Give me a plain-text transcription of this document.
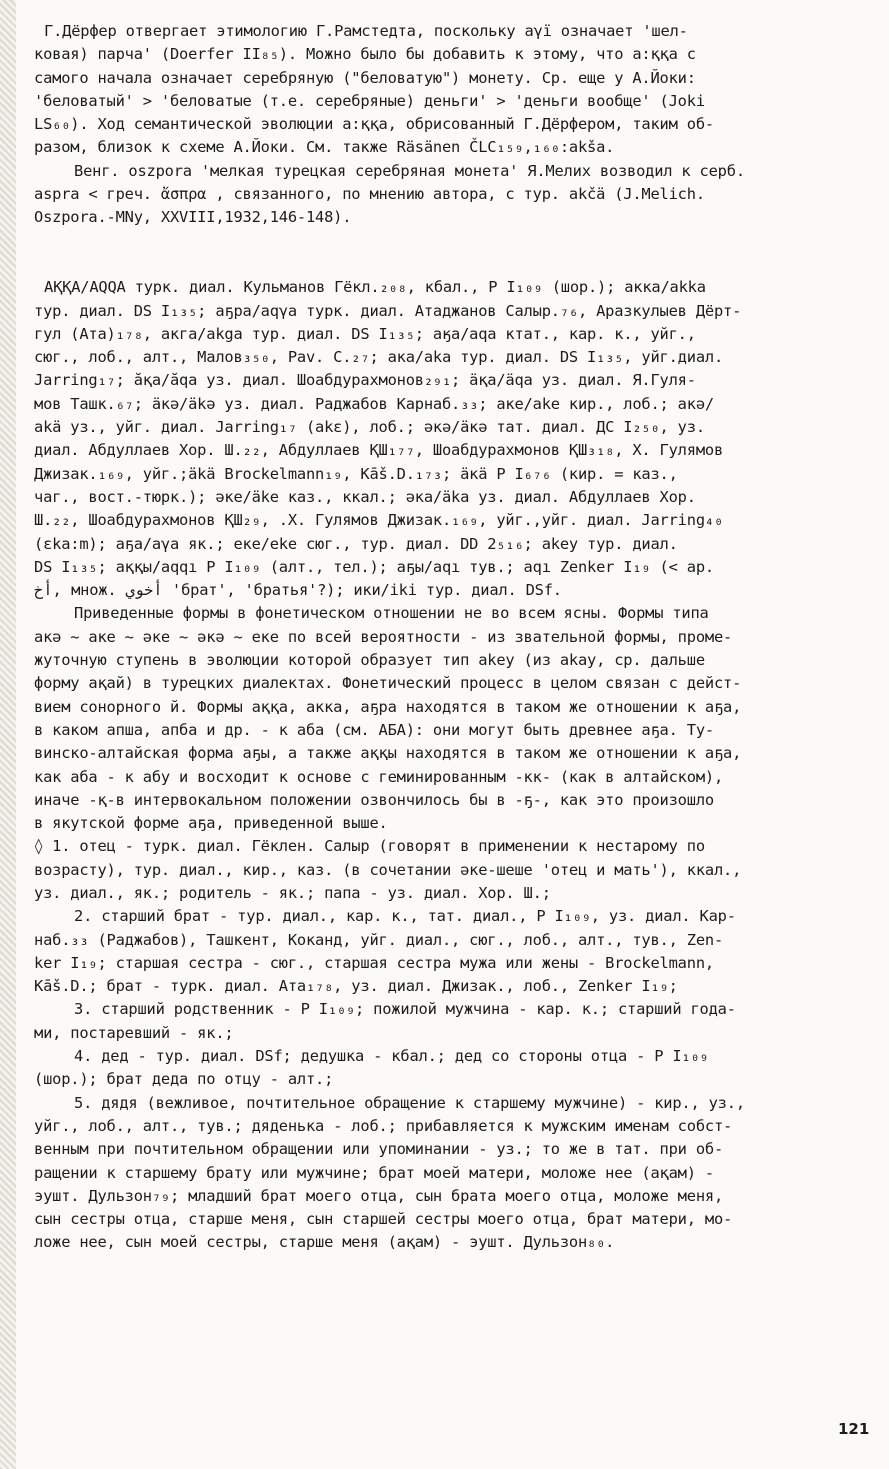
Г.Дёрфер отвергает этимологию Г.Рамстедта, поскольку aγï означает 'шел-
ковая) парча' (Doerfer II₈₅). Можно было бы добавить к этому, что a:ққa с
самого начала означает серебряную ("беловатую") монету. Ср. еще у А.Йоки:
'беловатый' > 'беловатые (т.е. серебряные) деньги' > 'деньги вообще' (Joki
LS₆₀). Ход семантической эволюции a:ққa, обрисованный Г.Дёрфером, таким об-
разом, близок к схеме А.Йоки. См. также Räsänen ČLC₁₅₉,₁₆₀:akša.
Венг. oszpora 'мелкая турецкая серебряная монета' Я.Мелих возводил к серб.
aspra < греч. ἄσπρα , связанного, по мнению автора, с тур. akčä (J.Melich.
Oszpora.-MNy, XXVIII,1932,146-148).
АҚҚА/AQQA турк. диал. Кульманов Гёкл.₂₀₈, кбал., Р I₁₀₉ (шор.); акка/akka
тур. диал. DS I₁₃₅; аҕра/aqγa турк. диал. Атаджанов Салыр.₇₆, Аразкулыев Дёрт-
гул (Ата)₁₇₈, акга/akga тур. диал. DS I₁₃₅; аӄа/aqa ктат., кар. к., уйг.,
сюг., лоб., алт., Малов₃₅₀, Pav. C.₂₇; ака/aka тур. диал. DS I₁₃₅, уйг.диал.
Jarring₁₇; ӑқа/ӑqa уз. диал. Шоабдурахмонов₂₉₁; ӓқа/ӓqa уз. диал. Я.Гуля-
мов Ташк.₆₇; ӓкә/ӓkә уз. диал. Раджабов Карнаб.₃₃; аке/ake кир., лоб.; акә/
akä уз., уйг. диал. Jarring₁₇ (akε), лоб.; әкә/ӓкә тат. диал. ДС I₂₅₀, уз.
диал. Абдуллаев Хор. Ш.₂₂, Абдуллаев ҚШ₁₇₇, Шоабдурахмонов ҚШ₃₁₈, Х. Гулямов
Джизак.₁₆₉, уйг.;äkä Brockelmann₁₉, Kāš.D.₁₇₃; ӓкӓ Р I₆₇₆ (кир. = каз.,
чаг., вост.-тюрк.); әке/äke каз., ккал.; әка/äka уз. диал. Абдуллаев Хор.
Ш.₂₂, Шоабдурахмонов ҚШ₂₉, .Х. Гулямов Джизак.₁₆₉, уйг.,уйг. диал. Jarring₄₀
(εka:m); аҕа/aγa як.; еке/eke сюг., тур. диал. DD 2₅₁₆; akey тур. диал.
DS I₁₃₅; аққы/aqqı Р I₁₀₉ (алт., тел.); аҕы/aqı тув.; aqı Zenker I₁₉ (< ар.
أخ, множ. أخوي 'брат', 'братья'?); ики/iki тур. диал. DSf.
Приведенные формы в фонетическом отношении не во всем ясны. Формы типа
акә ~ аке ~ әке ~ әкә ~ еке по всей вероятности - из звательной формы, проме-
жуточную ступень в эволюции которой образует тип akey (из akay, ср. дальше
форму ақай) в турецких диалектах. Фонетический процесс в целом связан с дейст-
вием сонорного й. Формы аққа, акка, аҕра находятся в таком же отношении к аҕа,
в каком апша, апба и др. - к аба (см. АБА): они могут быть древнее аҕа. Ту-
винско-алтайская форма аҕы, а также аққы находятся в таком же отношении к аҕа,
как аба - к абу и восходит к основе с геминированным -кк- (как в алтайском),
иначе -қ-в интервокальном положении озвончилось бы в -ҕ-, как это произошло
в якутской форме аҕа, приведенной выше.
◊ 1. отец - турк. диал. Гёклен. Салыр (говорят в применении к нестарому по
возрасту), тур. диал., кир., каз. (в сочетании әке-шеше 'отец и мать'), ккал.,
уз. диал., як.; родитель - як.; папа - уз. диал. Хор. Ш.;
2. старший брат - тур. диал., кар. к., тат. диал., Р I₁₀₉, уз. диал. Кар-
наб.₃₃ (Раджабов), Ташкент, Коканд, уйг. диал., сюг., лоб., алт., тув., Zen-
ker I₁₉; старшая сестра - сюг., старшая сестра мужа или жены - Brockelmann,
Kāš.D.; брат - турк. диал. Ата₁₇₈, уз. диал. Джизак., лоб., Zenker I₁₉;
3. старший родственник - Р I₁₀₉; пожилой мужчина - кар. к.; старший года-
ми, постаревший - як.;
4. дед - тур. диал. DSf; дедушка - кбал.; дед со стороны отца - Р I₁₀₉
(шор.); брат деда по отцу - алт.;
5. дядя (вежливое, почтительное обращение к старшему мужчине) - кир., уз.,
уйг., лоб., алт., тув.; дяденька - лоб.; прибавляется к мужским именам собст-
венным при почтительном обращении или упоминании - уз.; то же в тат. при об-
ращении к старшему брату или мужчине; брат моей матери, моложе нее (ақам) -
эушт. Дульзон₇₉; младший брат моего отца, сын брата моего отца, моложе меня,
сын сестры отца, старше меня, сын старшей сестры моего отца, брат матери, мо-
ложе нее, сын моей сестры, старше меня (ақам) - эушт. Дульзон₈₀.
121
